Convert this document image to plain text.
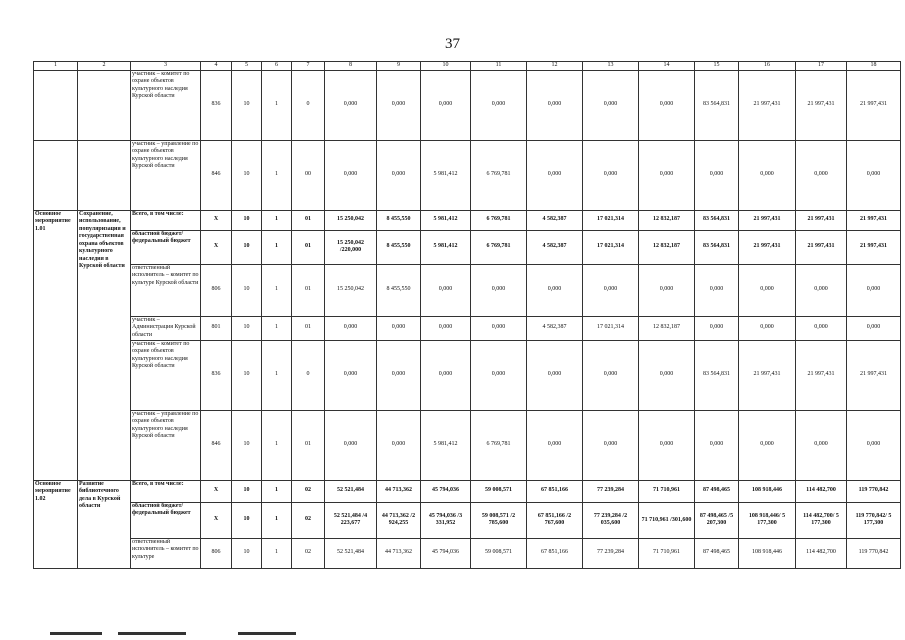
37
1	2	3	4	5	6	7	8	9	10	11	12	13	14	15	16	17	18
		участник – комитет по охране объектов культурного наследия Курской области	836	10	1	0	0,000	0,000	0,000	0,000	0,000	0,000	0,000	83 564,831	21 997,431	21 997,431	21 997,431
		участник – управление по охране объектов культурного наследия Курской области	846	10	1	00	0,000	0,000	5 981,412	6 769,781	0,000	0,000	0,000	0,000	0,000	0,000	0,000
Основное мероприятие 1.01	Сохранение, использование, популяризация и государственная охрана объектов культурного наследия в Курской области	Всего, в том числе:	X	10	1	01	15 250,042	8 455,550	5 981,412	6 769,781	4 582,387	17 021,314	12 832,187	83 564,831	21 997,431	21 997,431	21 997,431
		областной бюджет/ федеральный бюджет	X	10	1	01	15 250,042 /220,000	8 455,550	5 981,412	6 769,781	4 582,387	17 021,314	12 832,187	83 564,831	21 997,431	21 997,431	21 997,431
		ответственный исполнитель – комитет по культуре Курской области	806	10	1	01	15 250,042	8 455,550	0,000	0,000	0,000	0,000	0,000	0,000	0,000	0,000	0,000
		участник – Администрация Курской области	801	10	1	01	0,000	0,000	0,000	0,000	4 582,387	17 021,314	12 832,187	0,000	0,000	0,000	0,000
		участник – комитет по охране объектов культурного наследия Курской области	836	10	1	0	0,000	0,000	0,000	0,000	0,000	0,000	0,000	83 564,831	21 997,431	21 997,431	21 997,431
		участник – управление по охране объектов культурного наследия Курской области	846	10	1	01	0,000	0,000	5 981,412	6 769,781	0,000	0,000	0,000	0,000	0,000	0,000	0,000
Основное мероприятие 1.02	Развитие библиотечного дела в Курской области	Всего, в том числе:	X	10	1	02	52 521,484	44 713,362	45 794,036	59 008,571	67 851,166	77 239,284	71 710,961	87 498,465	108 918,446	114 482,700	119 770,842
		областной бюджет/ федеральный бюджет	X	10	1	02	52 521,484 /4 223,677	44 713,362 /2 924,255	45 794,036 /3 331,952	59 008,571 /2 785,600	67 851,166 /2 767,600	77 239,284 /2 035,600	71 710,961 /301,600	87 498,465 /5 207,300	108 918,446/ 5 177,300	114 482,700/ 5 177,300	119 770,842/ 5 177,300
		ответственный исполнитель – комитет по культуре	806	10	1	02	52 521,484	44 713,362	45 794,036	59 008,571	67 851,166	77 239,284	71 710,961	87 498,465	108 918,446	114 482,700	119 770,842
